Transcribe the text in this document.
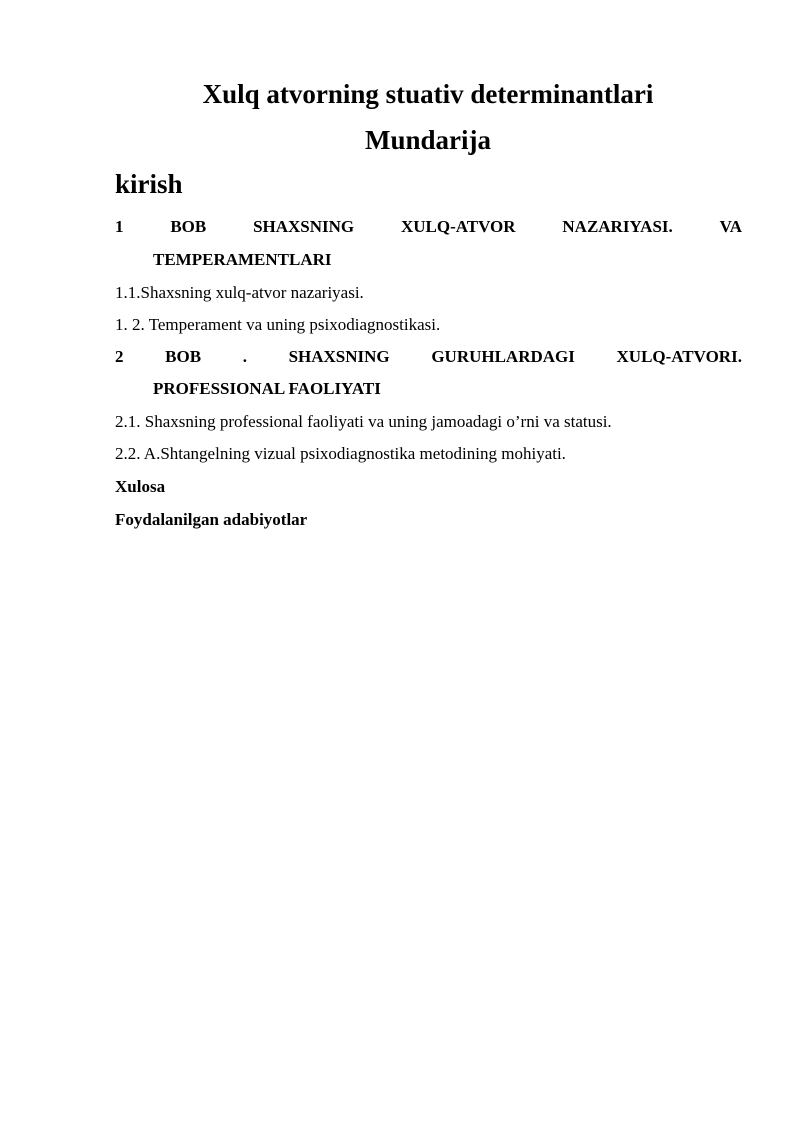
Xulq atvorning stuativ determinantlari
Mundarija
kirish
1	BOB	SHAXSNING	XULQ-ATVOR	NAZARIYASI.	VA
TEMPERAMENTLARI
1.1.Shaxsning xulq-atvor nazariyasi.
1. 2. Temperament va uning psixodiagnostikasi.
2 BOB . SHAXSNING GURUHLARDAGI XULQ-ATVORI.
PROFESSIONAL FAOLIYATI
2.1. Shaxsning professional faoliyati va uning jamoadagi o’rni va statusi.
2.2. A.Shtangelning vizual psixodiagnostika metodining mohiyati.
Xulosa
Foydalanilgan adabiyotlar
